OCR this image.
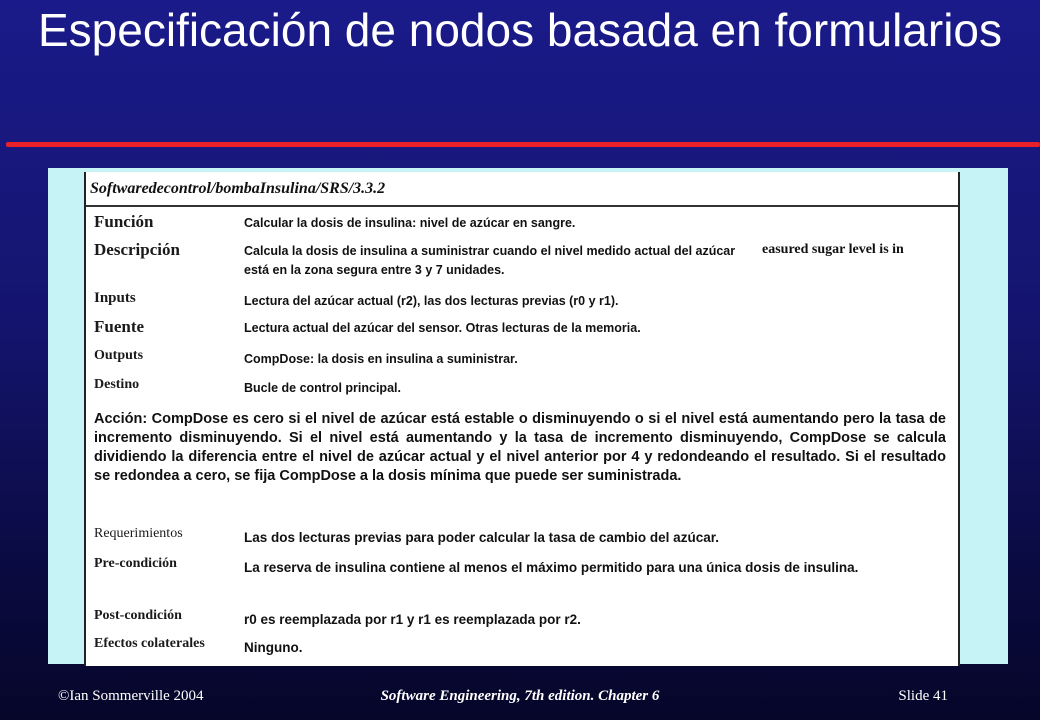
Especificación de nodos basada en formularios
Softwaredecontrol/bombaInsulina/SRS/3.3.2
easured sugar level is in
Función	Calcular la dosis de insulina: nivel de azúcar en sangre.
Descripción	Calcula la dosis de insulina a suministrar cuando el nivel medido actual del azúcar está en la zona segura entre 3 y 7 unidades.
Inputs	Lectura del azúcar actual (r2), las dos lecturas previas (r0 y r1).
Fuente	Lectura actual del azúcar del sensor. Otras lecturas de la memoria.
Outputs	CompDose: la dosis en insulina a suministrar.
Destino	Bucle de control principal.
Acción: CompDose es cero si el nivel de azúcar está estable o disminuyendo o si el nivel está aumentando pero la tasa de incremento disminuyendo. Si el nivel está aumentando y la tasa de incremento disminuyendo, CompDose se calcula dividiendo la diferencia entre el nivel de azúcar actual y el nivel anterior por 4 y redondeando el resultado. Si el resultado se redondea a cero, se fija CompDose a la dosis mínima que puede ser suministrada.
Requerimientos	Las dos lecturas previas para poder calcular la tasa de cambio del azúcar.
Pre-condición	La reserva de insulina contiene al menos el máximo permitido para una única dosis de insulina.
Post-condición	r0 es reemplazada por r1 y r1 es reemplazada por r2.
Efectos colaterales	Ninguno.
Software Engineering, 7th edition. Chapter 6
©Ian Sommerville 2004	Slide 41
